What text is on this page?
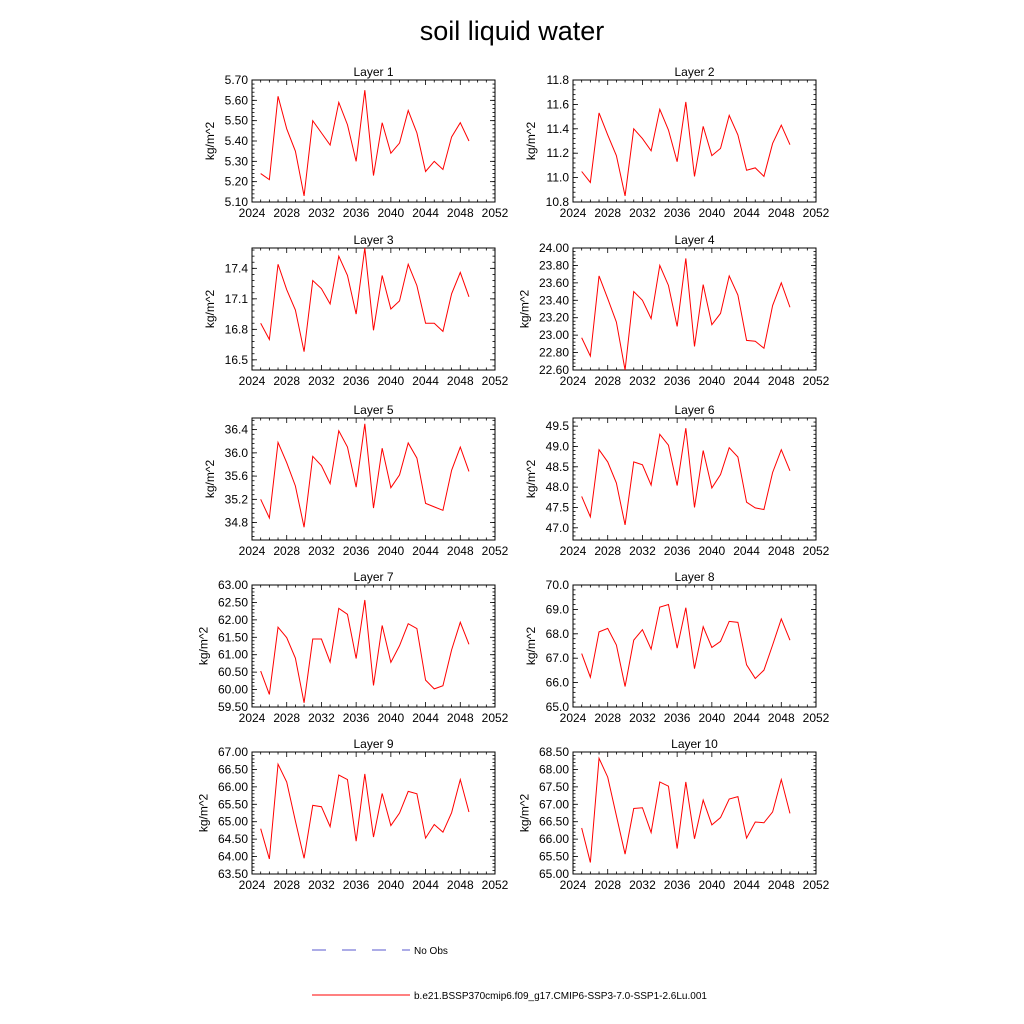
soil liquid water
Layer 1
2024 2028 2032 2036 2040 2044 2048 2052
5.10
5.20
5.30
5.40
5.50
5.60
5.70
kg/m^2
Layer 2
2024 2028 2032 2036 2040 2044 2048 2052
10.8
11.0
11.2
11.4
11.6
11.8
kg/m^2
Layer 3
2024 2028 2032 2036 2040 2044 2048 2052
16.5
16.8
17.1
17.4
kg/m^2
Layer 4
2024 2028 2032 2036 2040 2044 2048 2052
22.60
22.80
23.00
23.20
23.40
23.60
23.80
24.00
kg/m^2
Layer 5
2024 2028 2032 2036 2040 2044 2048 2052
34.8
35.2
35.6
36.0
36.4
kg/m^2
Layer 6
2024 2028 2032 2036 2040 2044 2048 2052
47.0
47.5
48.0
48.5
49.0
49.5
kg/m^2
Layer 7
2024 2028 2032 2036 2040 2044 2048 2052
59.50
60.00
60.50
61.00
61.50
62.00
62.50
63.00
kg/m^2
Layer 8
2024 2028 2032 2036 2040 2044 2048 2052
65.0
66.0
67.0
68.0
69.0
70.0
kg/m^2
Layer 9
2024 2028 2032 2036 2040 2044 2048 2052
63.50
64.00
64.50
65.00
65.50
66.00
66.50
67.00
kg/m^2
Layer 10
2024 2028 2032 2036 2040 2044 2048 2052
65.00
65.50
66.00
66.50
67.00
67.50
68.00
68.50
kg/m^2
No Obs
b.e21.BSSP370cmip6.f09_g17.CMIP6-SSP3-7.0-SSP1-2.6Lu.001
